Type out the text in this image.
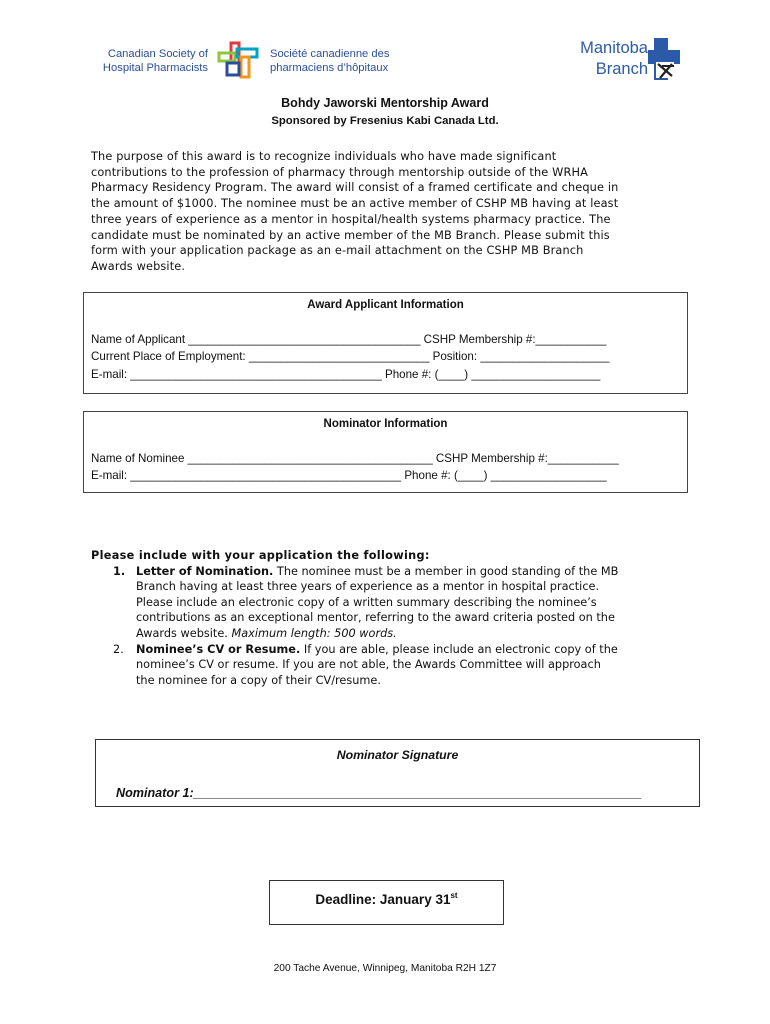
Canadian Society of
Hospital Pharmacists
Société canadienne des
pharmaciens d’hôpitaux
Manitoba
Branch
Bohdy Jaworski Mentorship Award
Sponsored by Fresenius Kabi Canada Ltd.
The purpose of this award is to recognize individuals who have made significant
contributions to the profession of pharmacy through mentorship outside of the WRHA
Pharmacy Residency Program. The award will consist of a framed certificate and cheque in
the amount of $1000. The nominee must be an active member of CSHP MB having at least
three years of experience as a mentor in hospital/health systems pharmacy practice. The
candidate must be nominated by an active member of the MB Branch. Please submit this
form with your application package as an e-mail attachment on the CSHP MB Branch
Awards website.
Award Applicant Information
Name of Applicant ____________________________________ CSHP Membership #:___________
Current Place of Employment: ____________________________ Position: ____________________
E-mail: _______________________________________ Phone #: (____) ____________________
Nominator Information
Name of Nominee ______________________________________ CSHP Membership #:___________
E-mail: __________________________________________ Phone #: (____) __________________
Please include with your application the following:
1. Letter of Nomination. The nominee must be a member in good standing of the MB
Branch having at least three years of experience as a mentor in hospital practice.
Please include an electronic copy of a written summary describing the nominee’s
contributions as an exceptional mentor, referring to the award criteria posted on the
Awards website. Maximum length: 500 words.
2. Nominee’s CV or Resume. If you are able, please include an electronic copy of the
nominee’s CV or resume. If you are not able, the Awards Committee will approach
the nominee for a copy of their CV/resume.
Nominator Signature
Nominator 1:________________________________________________________________
Deadline: January 31st
200 Tache Avenue, Winnipeg, Manitoba R2H 1Z7
